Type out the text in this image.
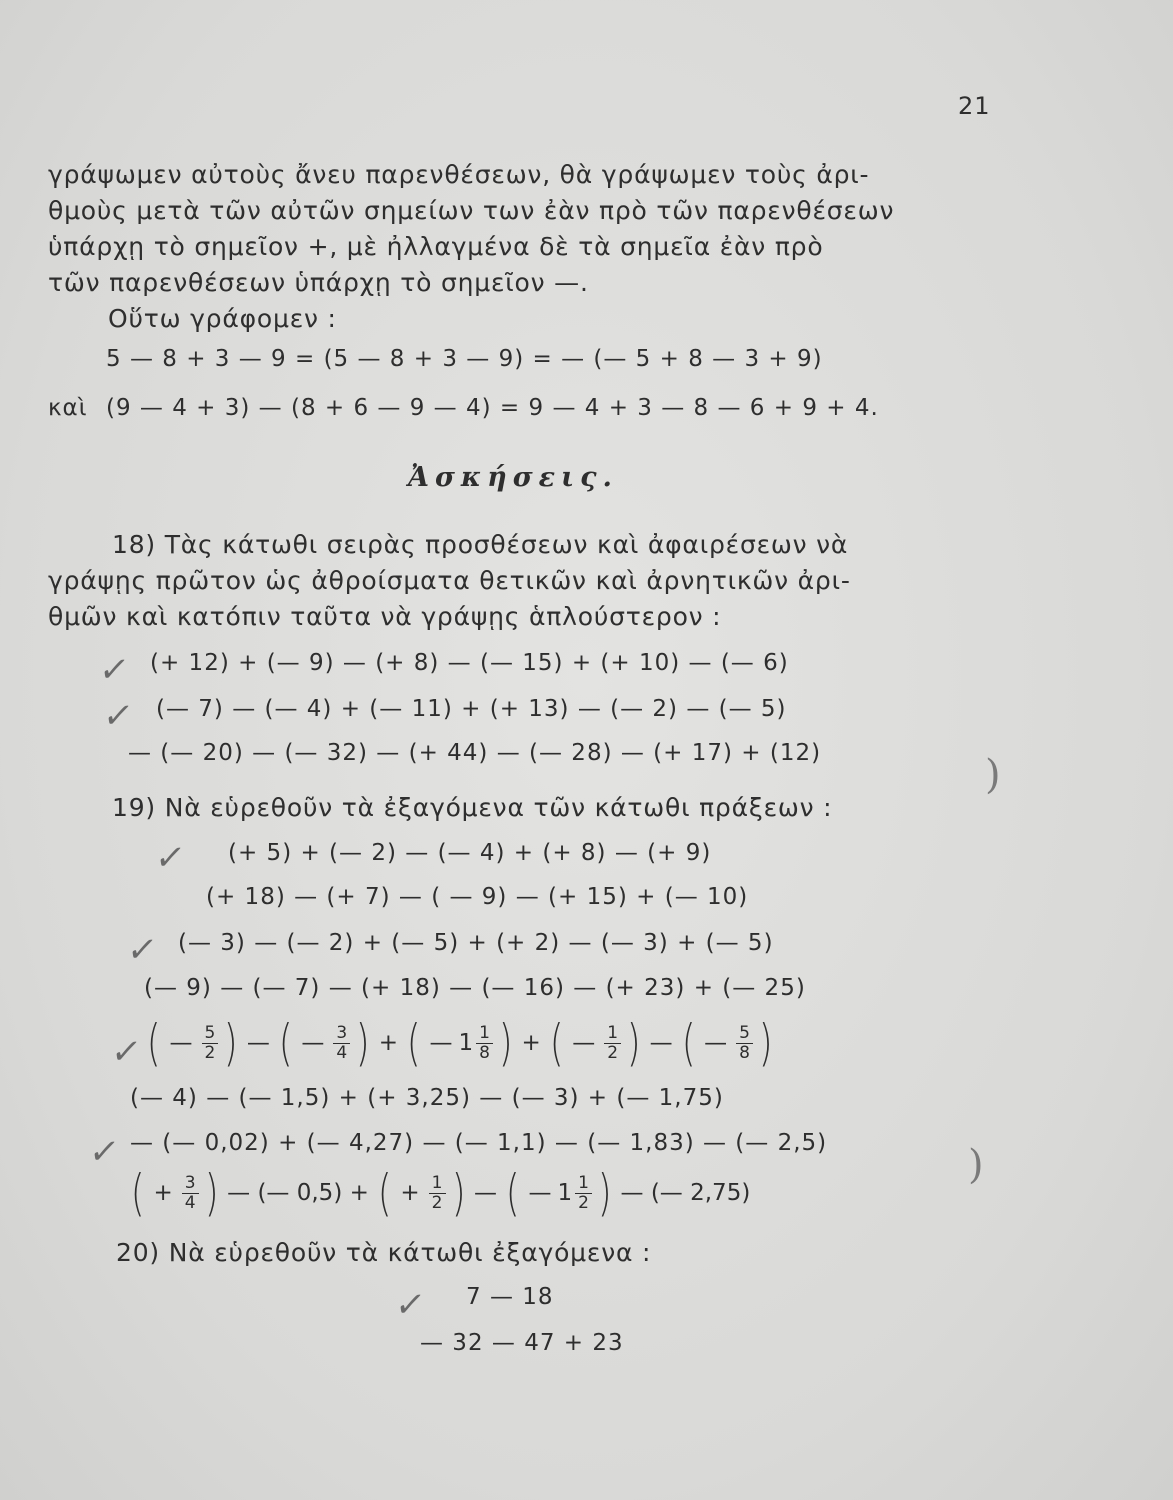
21
γράψωμεν αὐτοὺς ἄνευ παρενθέσεων, θὰ γράψωμεν τοὺς ἀρι-
θμοὺς μετὰ τῶν αὐτῶν σημείων των ἐὰν πρὸ τῶν παρενθέσεων
ὑπάρχῃ τὸ σημεῖον +, μὲ ἠλλαγμένα δὲ τὰ σημεῖα ἐὰν πρὸ
τῶν παρενθέσεων ὑπάρχῃ τὸ σημεῖον —.
Οὕτω γράφομεν :
5 — 8 + 3 — 9 = (5 — 8 + 3 — 9) = — (— 5 + 8 — 3 + 9)
καὶ (9 — 4 + 3) — (8 + 6 — 9 — 4) = 9 — 4 + 3 — 8 — 6 + 9 + 4.
Ἀσκήσεις.
18) Τὰς κάτωθι σειρὰς προσθέσεων καὶ ἀφαιρέσεων νὰ
γράψῃς πρῶτον ὡς ἀθροίσματα θετικῶν καὶ ἀρνητικῶν ἀρι-
θμῶν καὶ κατόπιν ταῦτα νὰ γράψῃς ἁπλούστερον :
✓ (+ 12) + (— 9) — (+ 8) — (— 15) + (+ 10) — (— 6)
✓ (— 7) — (— 4) + (— 11) + (+ 13) — (— 2) — (— 5)
— (— 20) — (— 32) — (+ 44) — (— 28) — (+ 17) + (12)	)
19) Νὰ εὑρεθοῦν τὰ ἐξαγόμενα τῶν κάτωθι πράξεων :
✓ (+ 5) + (— 2) — (— 4) + (+ 8) — (+ 9)
(+ 18) — (+ 7) — ( — 9) — (+ 15) + (— 10)
✓ (— 3) — (— 2) + (— 5) + (+ 2) — (— 3) + (— 5)
(— 9) — (— 7) — (+ 18) — (— 16) — (+ 23) + (— 25)
✓ ( — $\frac{5}{2}$ ) — ( — $\frac{3}{4}$ ) + ( — $1 \frac{1}{8}$ ) + ( — $\frac{1}{2}$ ) — ( — $\frac{5}{8}$ )
(— 4) — (— 1,5) + (+ 3,25) — (— 3) + (— 1,75)
✓ — (— 0,02) + (— 4,27) — (— 1,1) — (— 1,83) — (— 2,5)	)
( + $\frac{3}{4}$ ) — (— 0,5) + ( + $\frac{1}{2}$ ) — ( — $1 \frac{1}{2}$ ) — (— 2,75)
20) Νὰ εὑρεθοῦν τὰ κάτωθι ἐξαγόμενα :
✓ 7 — 18
— 32 — 47 + 23
